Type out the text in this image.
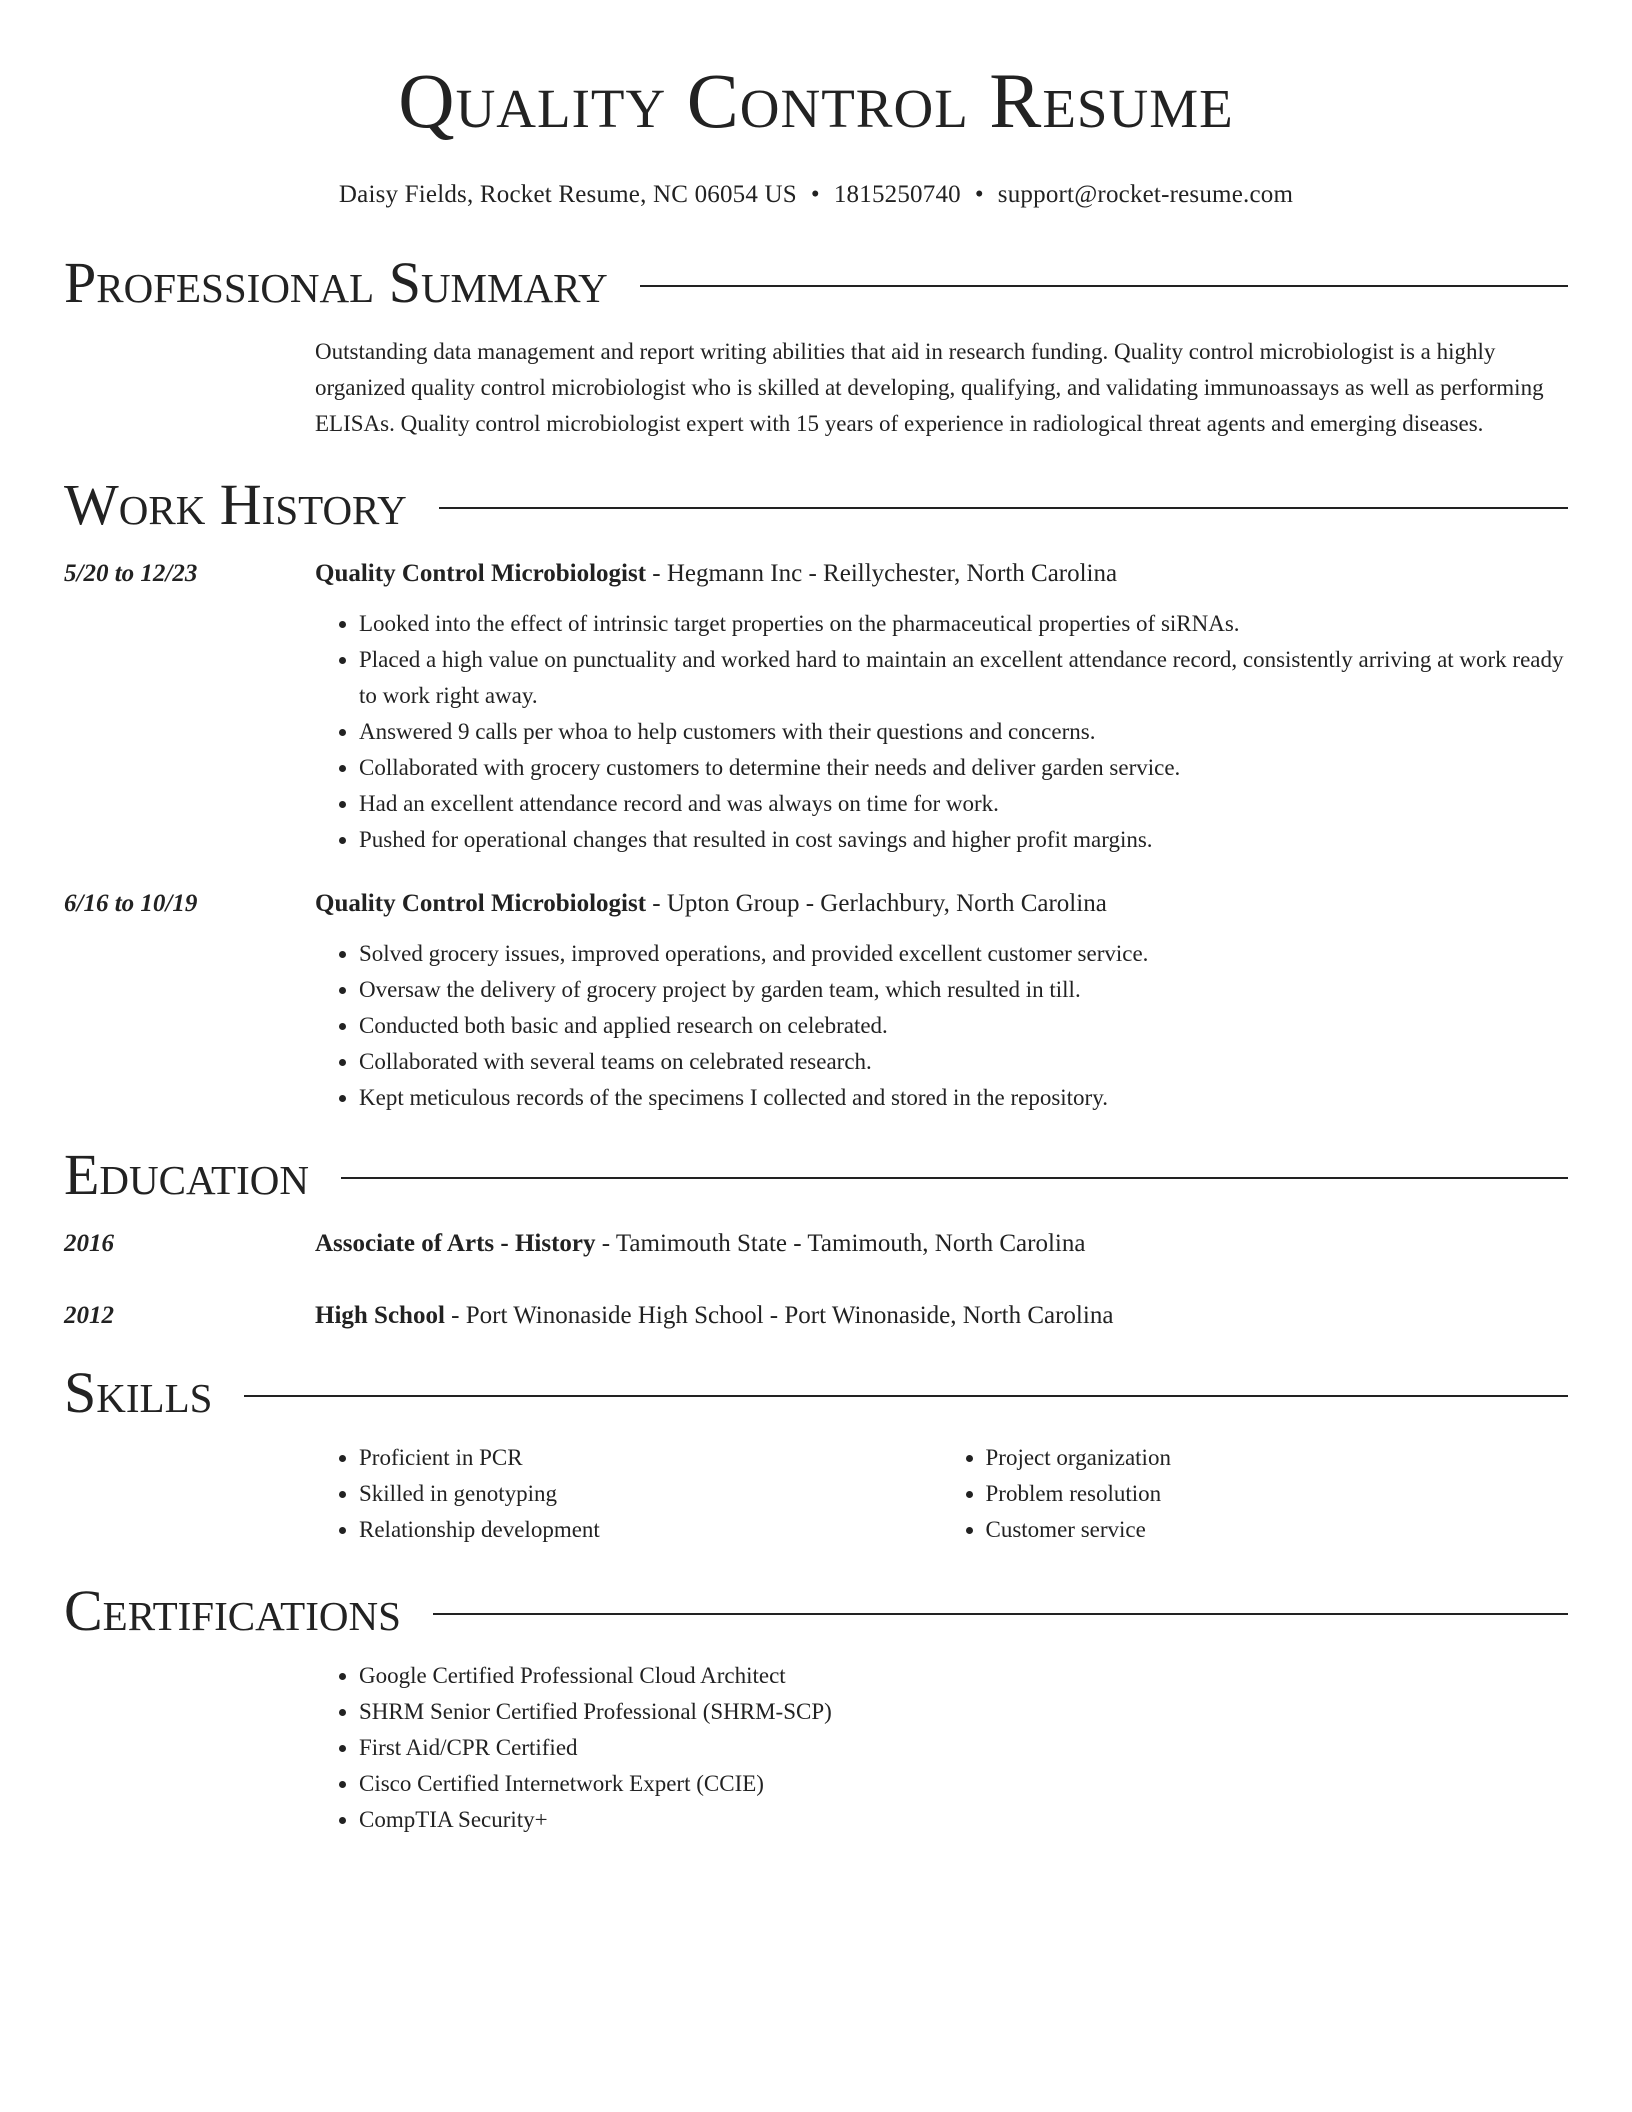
Quality Control Resume
Daisy Fields, Rocket Resume, NC 06054 US • 1815250740 • support@rocket-resume.com
Professional Summary
Outstanding data management and report writing abilities that aid in research funding. Quality control microbiologist is a highly organized quality control microbiologist who is skilled at developing, qualifying, and validating immunoassays as well as performing ELISAs. Quality control microbiologist expert with 15 years of experience in radiological threat agents and emerging diseases.
Work History
5/20 to 12/23	Quality Control Microbiologist - Hegmann Inc - Reillychester, North Carolina
• Looked into the effect of intrinsic target properties on the pharmaceutical properties of siRNAs.
• Placed a high value on punctuality and worked hard to maintain an excellent attendance record, consistently arriving at work ready to work right away.
• Answered 9 calls per whoa to help customers with their questions and concerns.
• Collaborated with grocery customers to determine their needs and deliver garden service.
• Had an excellent attendance record and was always on time for work.
• Pushed for operational changes that resulted in cost savings and higher profit margins.
6/16 to 10/19	Quality Control Microbiologist - Upton Group - Gerlachbury, North Carolina
• Solved grocery issues, improved operations, and provided excellent customer service.
• Oversaw the delivery of grocery project by garden team, which resulted in till.
• Conducted both basic and applied research on celebrated.
• Collaborated with several teams on celebrated research.
• Kept meticulous records of the specimens I collected and stored in the repository.
Education
2016	Associate of Arts - History - Tamimouth State - Tamimouth, North Carolina
2012	High School - Port Winonaside High School - Port Winonaside, North Carolina
Skills
• Proficient in PCR
• Skilled in genotyping
• Relationship development
• Project organization
• Problem resolution
• Customer service
Certifications
• Google Certified Professional Cloud Architect
• SHRM Senior Certified Professional (SHRM-SCP)
• First Aid/CPR Certified
• Cisco Certified Internetwork Expert (CCIE)
• CompTIA Security+
